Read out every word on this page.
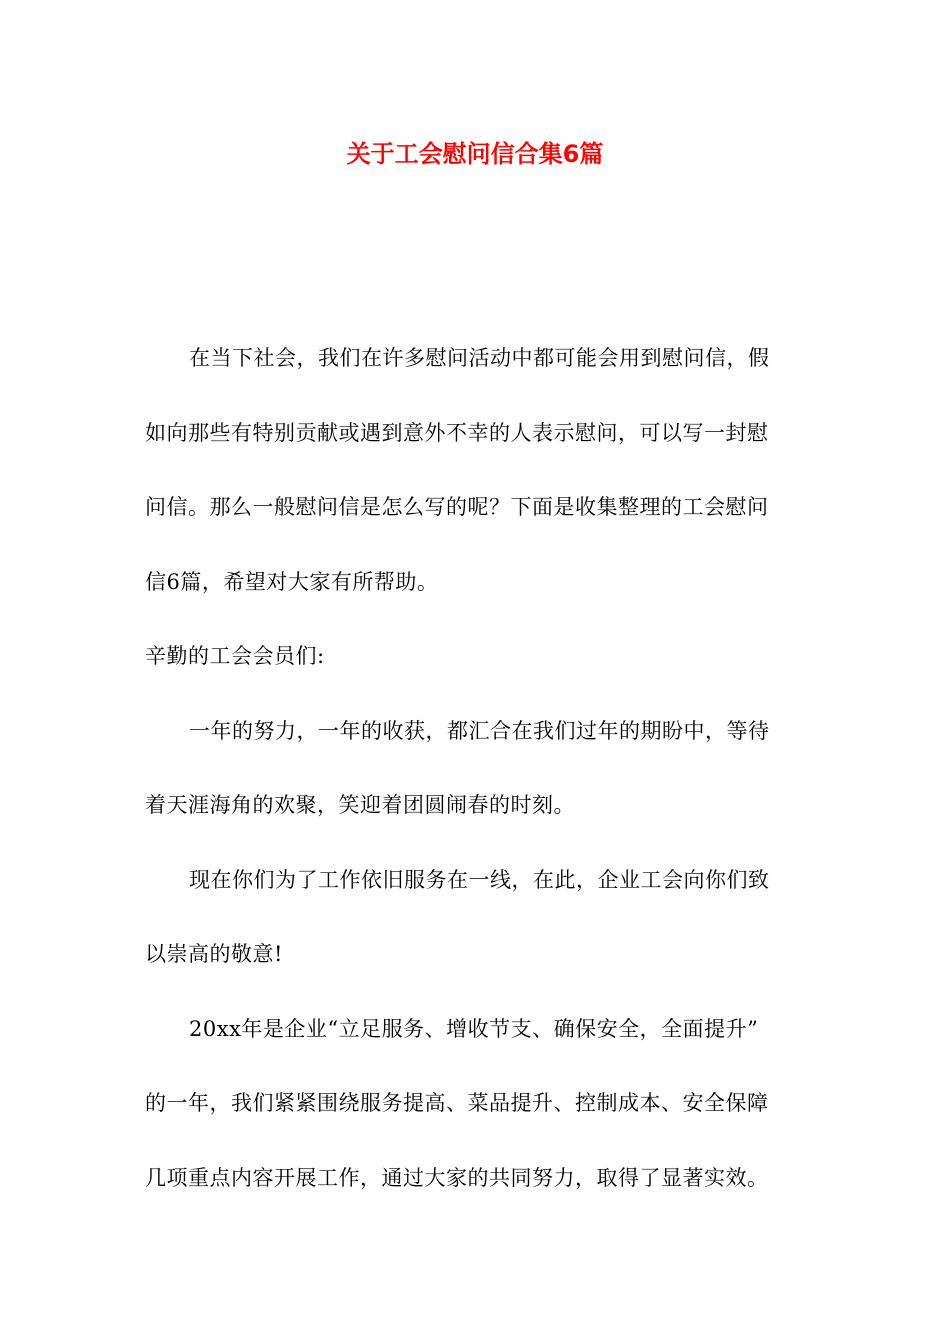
关于工会慰问信合集6篇

在当下社会，我们在许多慰问活动中都可能会用到慰问信，假

如向那些有特别贡献或遇到意外不幸的人表示慰问，可以写一封慰

问信。那么一般慰问信是怎么写的呢？下面是收集整理的工会慰问

信6篇，希望对大家有所帮助。

辛勤的工会会员们:

一年的努力，一年的收获，都汇合在我们过年的期盼中，等待

着天涯海角的欢聚，笑迎着团圆闹春的时刻。

现在你们为了工作依旧服务在一线，在此，企业工会向你们致

以崇高的敬意!

20xx年是企业“立足服务、增收节支、确保安全，全面提升”

的一年，我们紧紧围绕服务提高、菜品提升、控制成本、安全保障

几项重点内容开展工作，通过大家的共同努力，取得了显著实效。
